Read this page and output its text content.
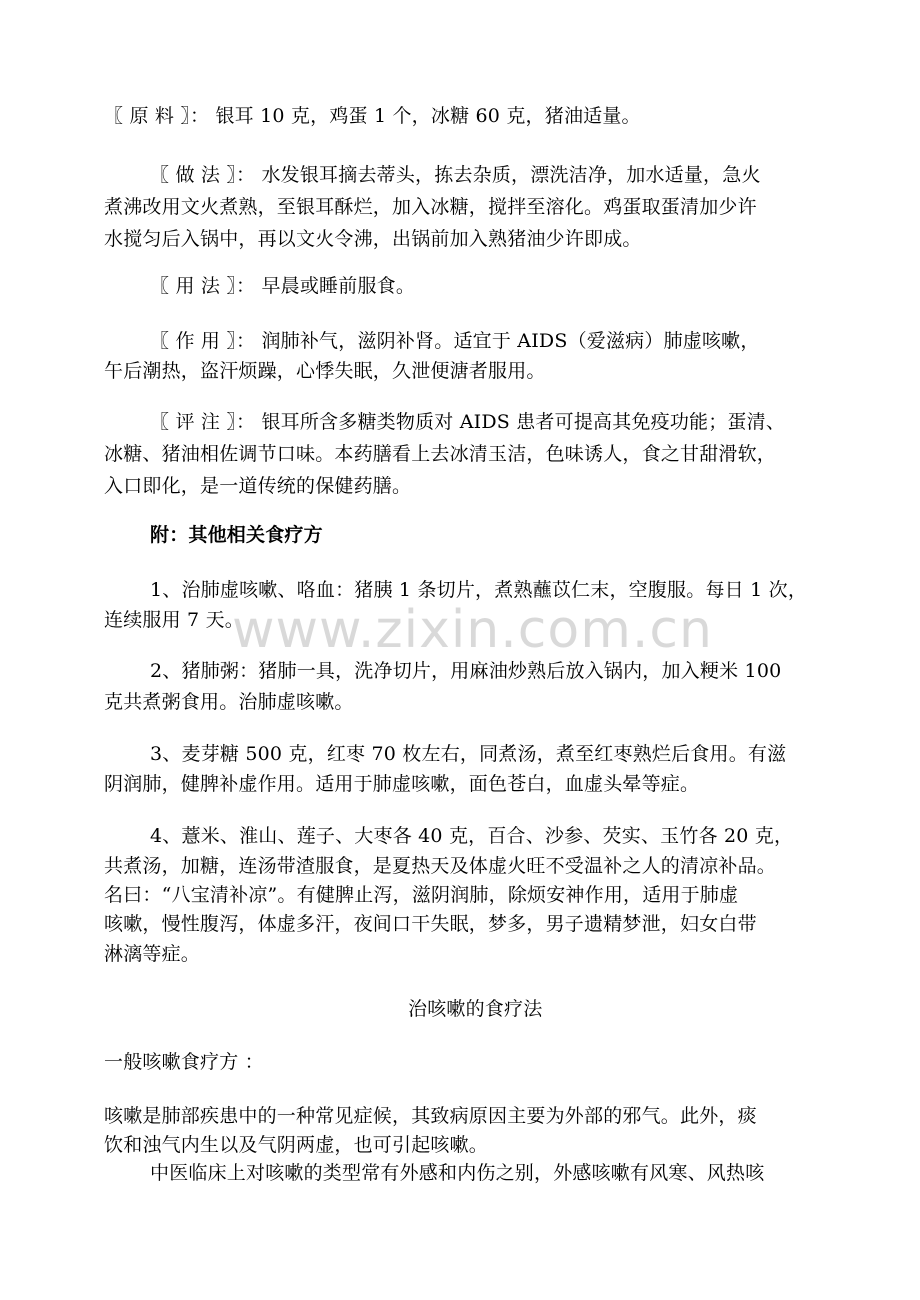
〖 原 料 〗： 银耳 10 克，鸡蛋 1 个，冰糖 60 克，猪油适量。
〖 做 法 〗： 水发银耳摘去蒂头，拣去杂质，漂洗洁净，加水适量，急火
煮沸改用文火煮熟，至银耳酥烂，加入冰糖，搅拌至溶化。鸡蛋取蛋清加少许
水搅匀后入锅中，再以文火令沸，出锅前加入熟猪油少许即成。
〖 用 法 〗： 早晨或睡前服食。
〖 作 用 〗： 润肺补气，滋阴补肾。适宜于 AIDS（爱滋病）肺虚咳嗽，
午后潮热，盗汗烦躁，心悸失眠，久泄便溏者服用。
〖 评 注 〗： 银耳所含多糖类物质对 AIDS 患者可提高其免疫功能；蛋清、
冰糖、猪油相佐调节口味。本药膳看上去冰清玉洁，色味诱人，食之甘甜滑软，
入口即化，是一道传统的保健药膳。
附：其他相关食疗方
1、治肺虚咳嗽、咯血：猪胰 1 条切片，煮熟蘸苡仁末，空腹服。每日 1 次，
连续服用 7 天。
2、猪肺粥：猪肺一具，洗净切片，用麻油炒熟后放入锅内，加入粳米 100
克共煮粥食用。治肺虚咳嗽。
3、麦芽糖 500 克，红枣 70 枚左右，同煮汤，煮至红枣熟烂后食用。有滋
阴润肺，健脾补虚作用。适用于肺虚咳嗽，面色苍白，血虚头晕等症。
4、薏米、淮山、莲子、大枣各 40 克，百合、沙参、芡实、玉竹各 20 克，
共煮汤，加糖，连汤带渣服食，是夏热天及体虚火旺不受温补之人的清凉补品。
名曰：“八宝清补凉”。有健脾止泻，滋阴润肺，除烦安神作用，适用于肺虚
咳嗽，慢性腹泻，体虚多汗，夜间口干失眠，梦多，男子遗精梦泄，妇女白带
淋漓等症。
治咳嗽的食疗法
一般咳嗽食疗方 ：
咳嗽是肺部疾患中的一种常见症候，其致病原因主要为外部的邪气。此外，痰
饮和浊气内生以及气阴两虚，也可引起咳嗽。
中医临床上对咳嗽的类型常有外感和内伤之别，外感咳嗽有风寒、风热咳
www.zixin.com.cn
